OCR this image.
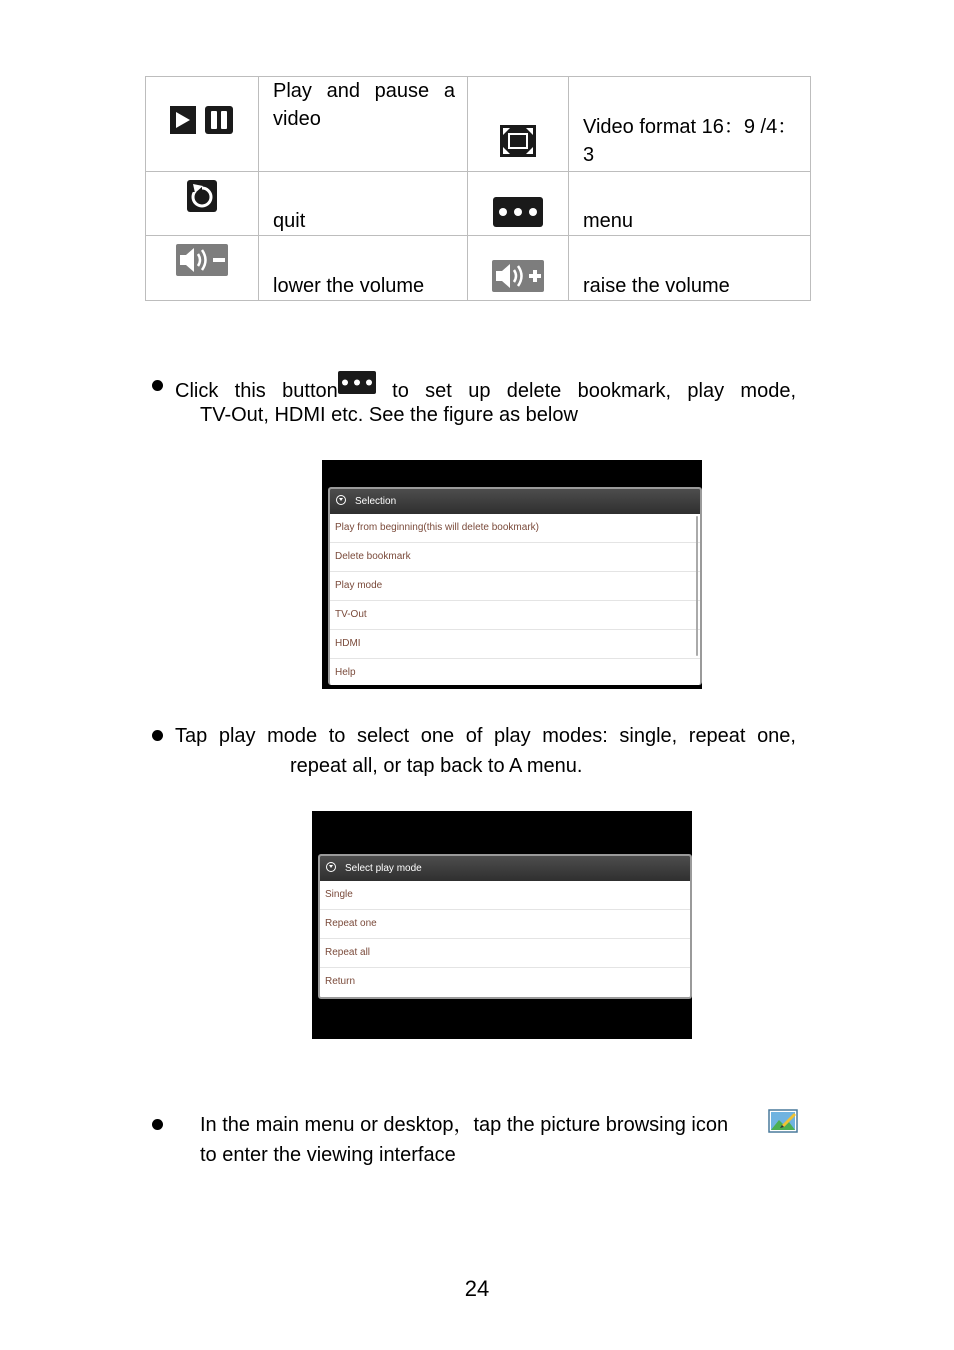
	Play and pause a video		Video format 16：9 /4：3
	quit		menu
	lower the volume		raise the volume
Click this button to set up delete bookmark, play mode,
TV-Out, HDMI etc. See the figure as below
Selection
Play from beginning(this will delete bookmark)
Delete bookmark
Play mode
TV-Out
HDMI
Help
Tap play mode to select one of play modes: single, repeat one,
repeat all, or tap back to A menu.
Select play mode
Single
Repeat one
Repeat all
Return
In the main menu or desktop，tap the picture browsing icon
to enter the viewing interface
24
